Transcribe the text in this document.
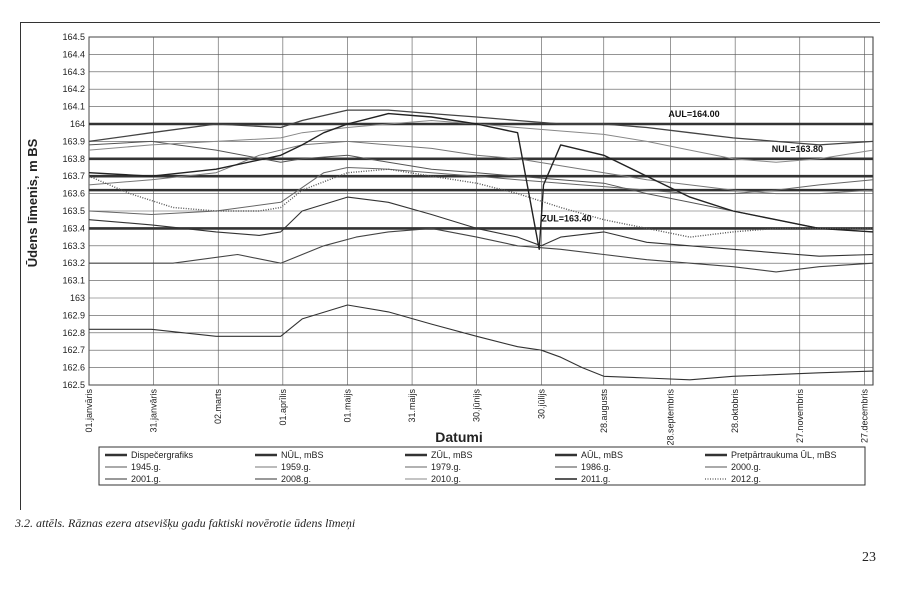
162.5
162.6
162.7
162.8
162.9
163
163.1
163.2
163.3
163.4
163.5
163.6
163.7
163.8
163.9
164
164.1
164.2
164.3
164.4
164.5
01.janvāris	31.janvāris	02.marts	01.aprīlis	01.maijs	31.maijs	30.jūnijs	30.jūlijs	28.augusts	28.septembris	28.oktobris	27.novembris	27.decembris
AUL=164.00
NUL=163.80
ZUL=163.40
Ūdens līmenis, m BS
Datumi
Dispečergrafiks	NŪL, mBS	ZŪL, mBS	AŪL, mBS	Pretpārtraukuma ŪL, mBS
1945.g.	1959.g.	1979.g.	1986.g.	2000.g.
2001.g.	2008.g.	2010.g.	2011.g.	2012.g.
3.2. attēls. Rāznas ezera atsevišķu gadu faktiski novērotie ūdens līmeņi
23
